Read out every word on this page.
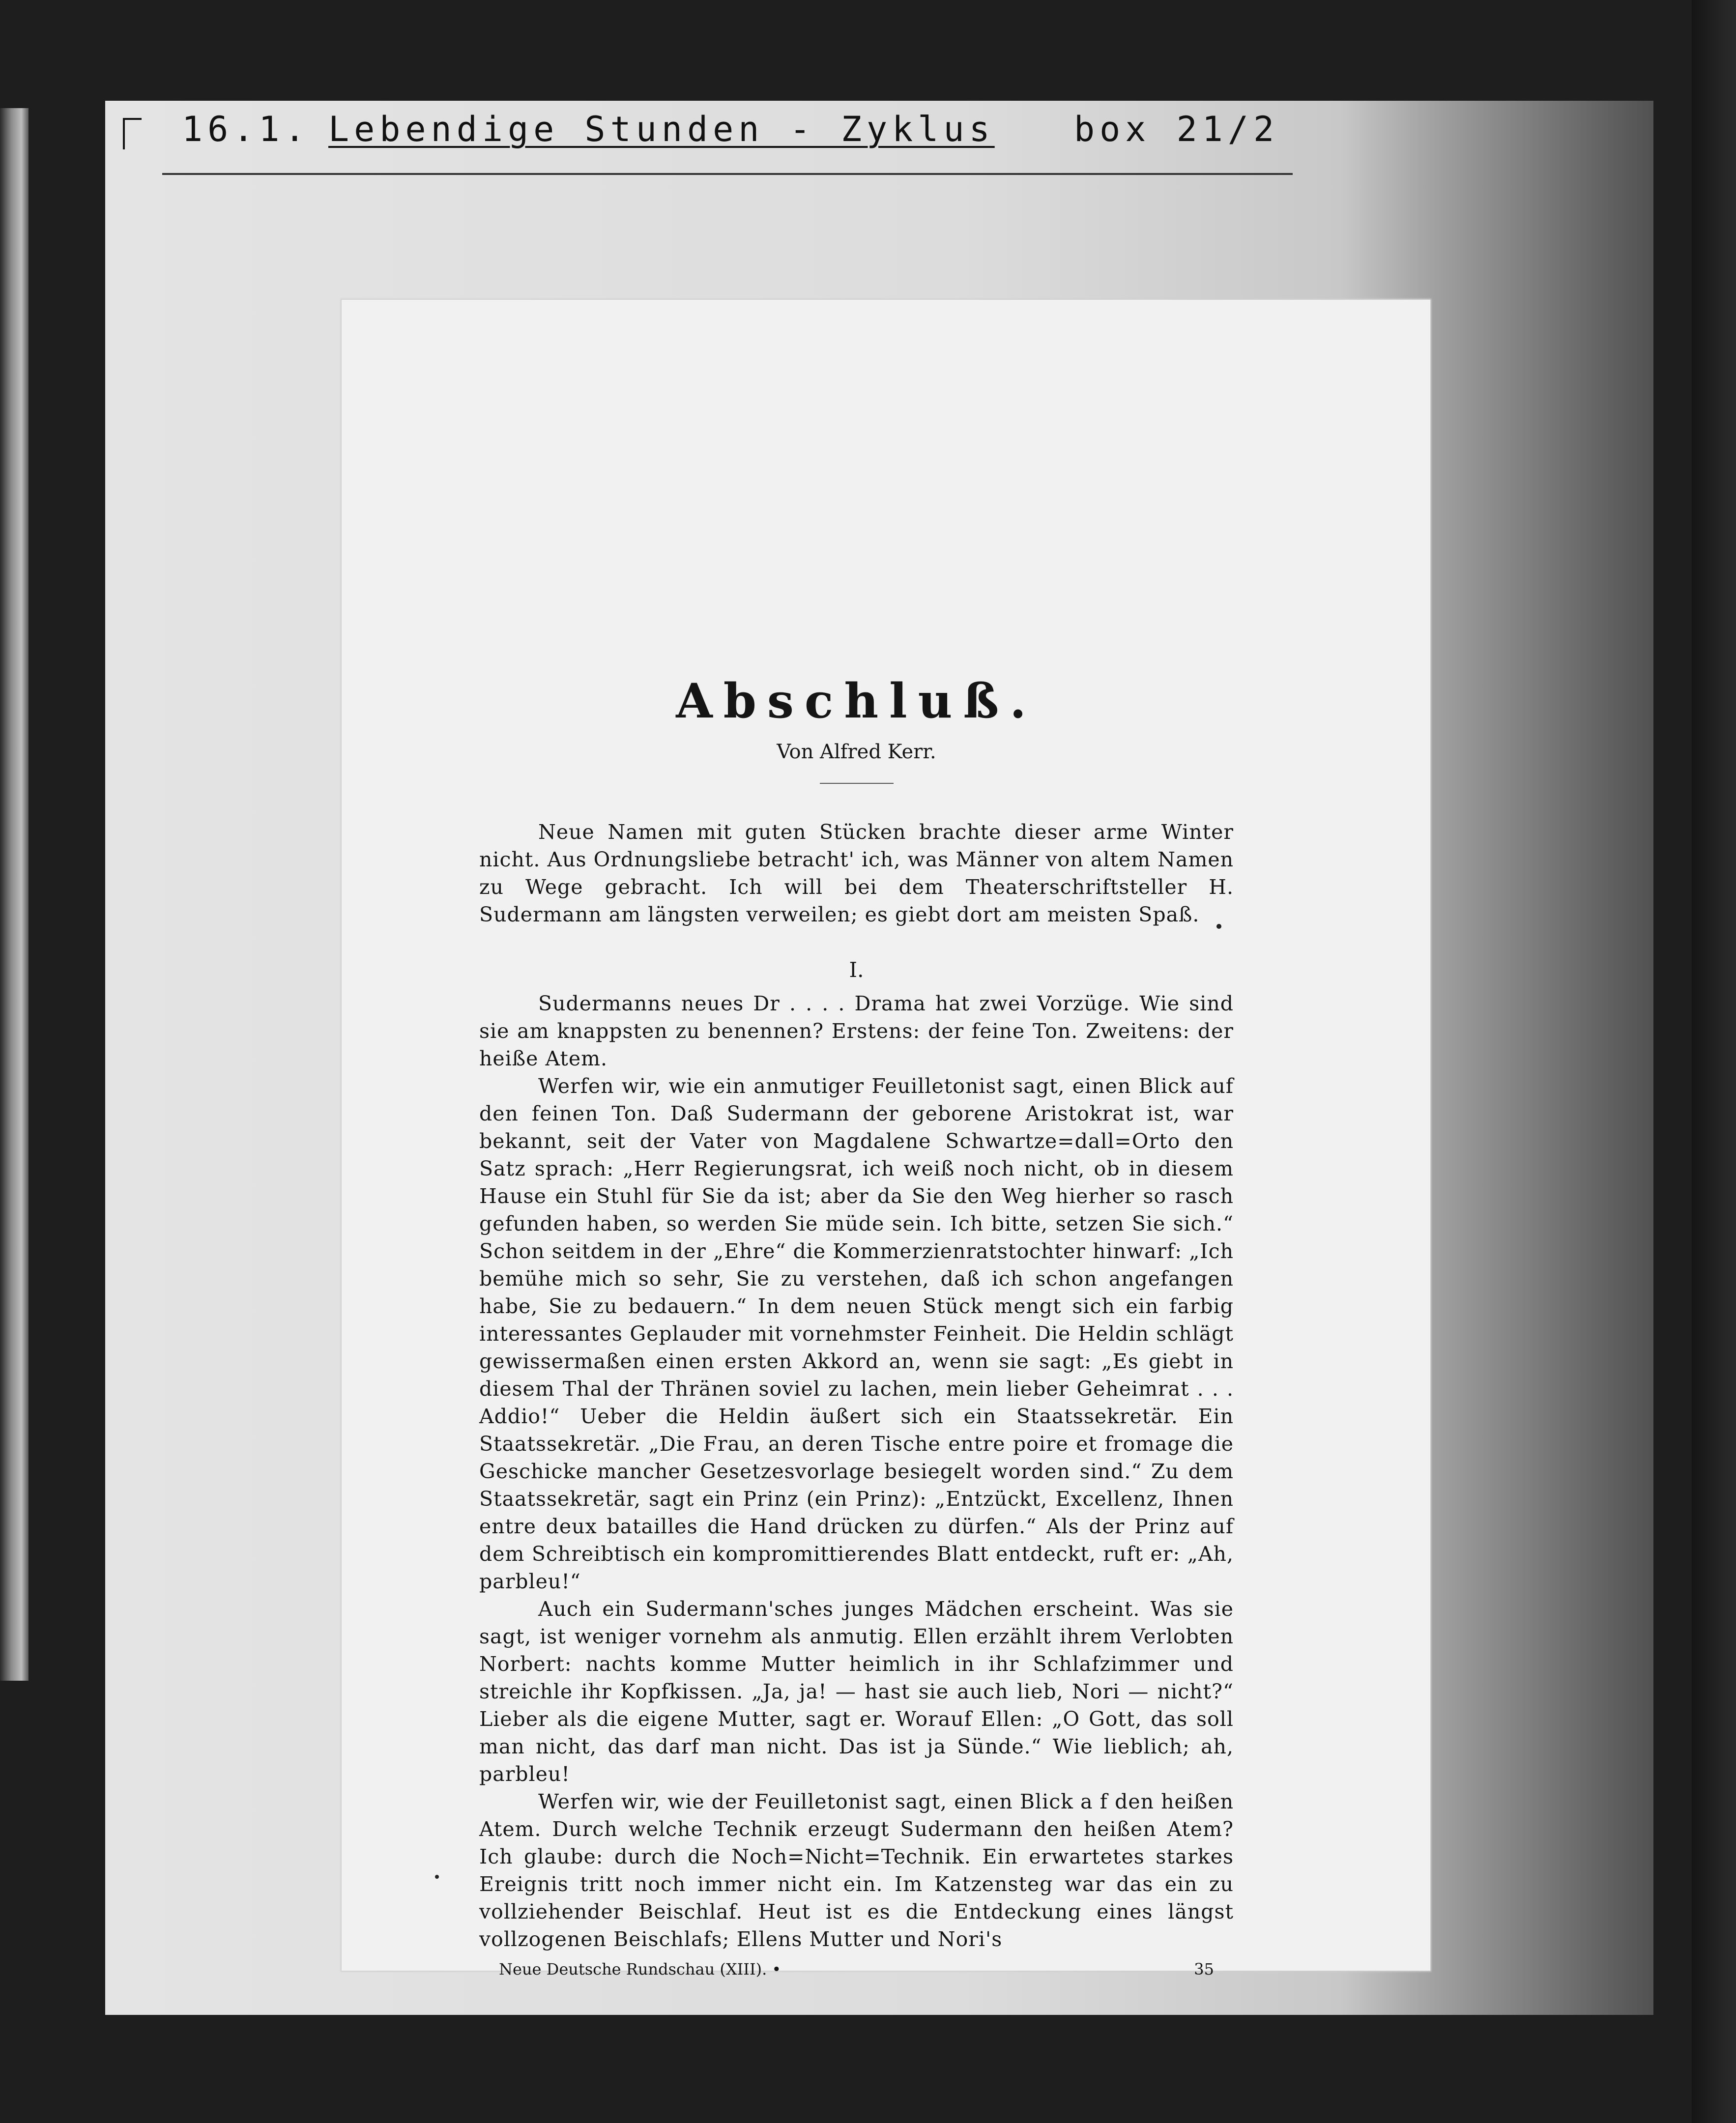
16.1. Lebendige Stunden - Zyklus box 21/2
Abschluß.
Von Alfred Kerr.

Neue Namen mit guten Stücken brachte dieser arme Winter nicht. Aus Ordnungsliebe betracht' ich, was Männer von altem Namen zu Wege gebracht. Ich will bei dem Theaterschriftsteller H. Sudermann am längsten verweilen; es giebt dort am meisten Spaß.

I.

Sudermanns neues Dr . . . . Drama hat zwei Vorzüge. Wie sind sie am knappsten zu benennen? Erstens: der feine Ton. Zweitens: der heiße Atem.

Werfen wir, wie ein anmutiger Feuilletonist sagt, einen Blick auf den feinen Ton. Daß Sudermann der geborene Aristokrat ist, war bekannt, seit der Vater von Magdalene Schwartze=dall=Orto den Satz sprach: „Herr Regierungsrat, ich weiß noch nicht, ob in diesem Hause ein Stuhl für Sie da ist; aber da Sie den Weg hierher so rasch gefunden haben, so werden Sie müde sein. Ich bitte, setzen Sie sich.“ Schon seitdem in der „Ehre“ die Kommerzienratstochter hinwarf: „Ich bemühe mich so sehr, Sie zu verstehen, daß ich schon angefangen habe, Sie zu bedauern.“ In dem neuen Stück mengt sich ein farbig interessantes Geplauder mit vornehmster Feinheit. Die Heldin schlägt gewissermaßen einen ersten Akkord an, wenn sie sagt: „Es giebt in diesem Thal der Thränen soviel zu lachen, mein lieber Geheimrat . . . Addio!“ Ueber die Heldin äußert sich ein Staatssekretär. Ein Staatssekretär. „Die Frau, an deren Tische entre poire et fromage die Geschicke mancher Gesetzesvorlage besiegelt worden sind.“ Zu dem Staatssekretär, sagt ein Prinz (ein Prinz): „Entzückt, Excellenz, Ihnen entre deux batailles die Hand drücken zu dürfen.“ Als der Prinz auf dem Schreibtisch ein kompromittierendes Blatt entdeckt, ruft er: „Ah, parbleu!“

Auch ein Sudermann'sches junges Mädchen erscheint. Was sie sagt, ist weniger vornehm als anmutig. Ellen erzählt ihrem Verlobten Norbert: nachts komme Mutter heimlich in ihr Schlafzimmer und streichle ihr Kopfkissen. „Ja, ja! — hast sie auch lieb, Nori — nicht?“ Lieber als die eigene Mutter, sagt er. Worauf Ellen: „O Gott, das soll man nicht, das darf man nicht. Das ist ja Sünde.“ Wie lieblich; ah, parbleu!

Werfen wir, wie der Feuilletonist sagt, einen Blick a f den heißen Atem. Durch welche Technik erzeugt Sudermann den heißen Atem? Ich glaube: durch die Noch=Nicht=Technik. Ein erwartetes starkes Ereignis tritt noch immer nicht ein. Im Katzensteg war das ein zu vollziehender Beischlaf. Heut ist es die Entdeckung eines längst vollzogenen Beischlafs; Ellens Mutter und Nori's

Neue Deutsche Rundschau (XIII). •	35
